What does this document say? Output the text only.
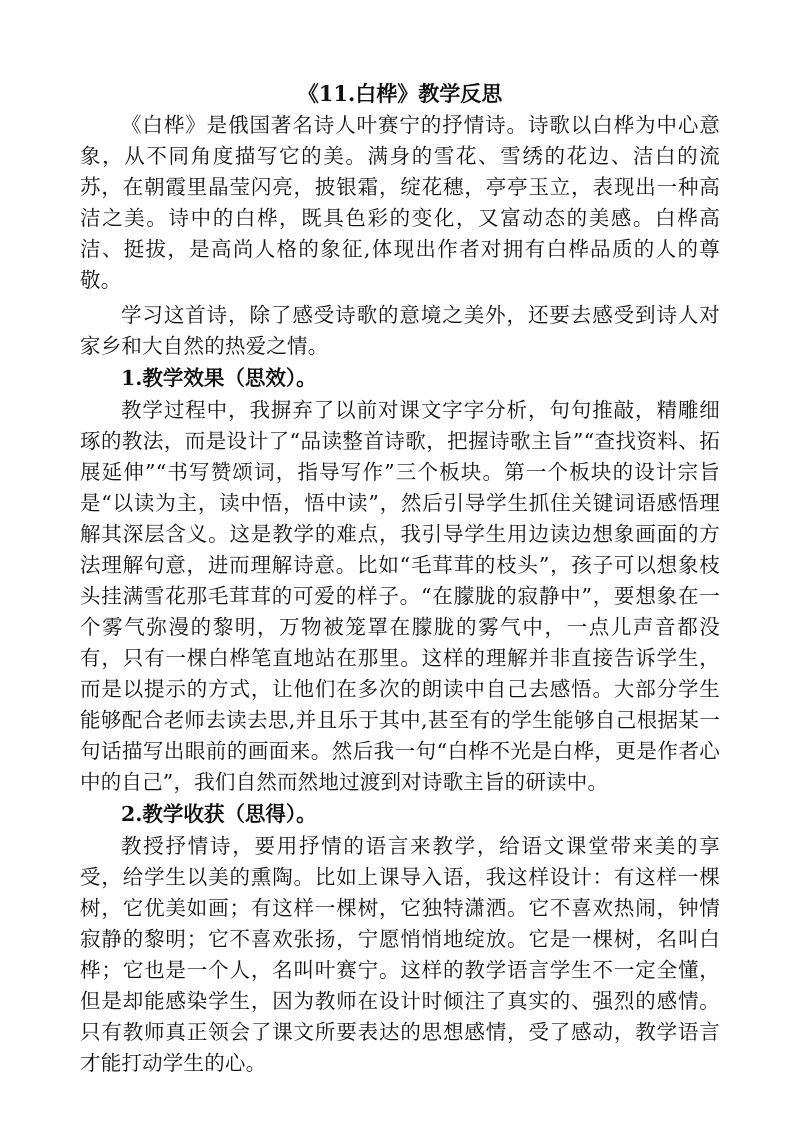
《11.白桦》教学反思

《白桦》是俄国著名诗人叶赛宁的抒情诗。诗歌以白桦为中心意象，从不同角度描写它的美。满身的雪花、雪绣的花边、洁白的流苏，在朝霞里晶莹闪亮，披银霜，绽花穗，亭亭玉立，表现出一种高洁之美。诗中的白桦，既具色彩的变化，又富动态的美感。白桦高洁、挺拔，是高尚人格的象征,体现出作者对拥有白桦品质的人的尊敬。

学习这首诗，除了感受诗歌的意境之美外，还要去感受到诗人对家乡和大自然的热爱之情。

1.教学效果（思效）。

教学过程中，我摒弃了以前对课文字字分析，句句推敲，精雕细琢的教法，而是设计了“品读整首诗歌，把握诗歌主旨”“查找资料、拓展延伸”“书写赞颂词，指导写作”三个板块。第一个板块的设计宗旨是“以读为主，读中悟，悟中读”，然后引导学生抓住关键词语感悟理解其深层含义。这是教学的难点，我引导学生用边读边想象画面的方法理解句意，进而理解诗意。比如“毛茸茸的枝头”，孩子可以想象枝头挂满雪花那毛茸茸的可爱的样子。“在朦胧的寂静中”，要想象在一个雾气弥漫的黎明，万物被笼罩在朦胧的雾气中，一点儿声音都没有，只有一棵白桦笔直地站在那里。这样的理解并非直接告诉学生，而是以提示的方式，让他们在多次的朗读中自己去感悟。大部分学生能够配合老师去读去思,并且乐于其中,甚至有的学生能够自己根据某一句话描写出眼前的画面来。然后我一句“白桦不光是白桦，更是作者心中的自己”，我们自然而然地过渡到对诗歌主旨的研读中。

2.教学收获（思得）。

教授抒情诗，要用抒情的语言来教学，给语文课堂带来美的享受，给学生以美的熏陶。比如上课导入语，我这样设计：有这样一棵树，它优美如画；有这样一棵树，它独特潇洒。它不喜欢热闹，钟情寂静的黎明；它不喜欢张扬，宁愿悄悄地绽放。它是一棵树，名叫白桦；它也是一个人，名叫叶赛宁。这样的教学语言学生不一定全懂，但是却能感染学生，因为教师在设计时倾注了真实的、强烈的感情。只有教师真正领会了课文所要表达的思想感情，受了感动，教学语言才能打动学生的心。
